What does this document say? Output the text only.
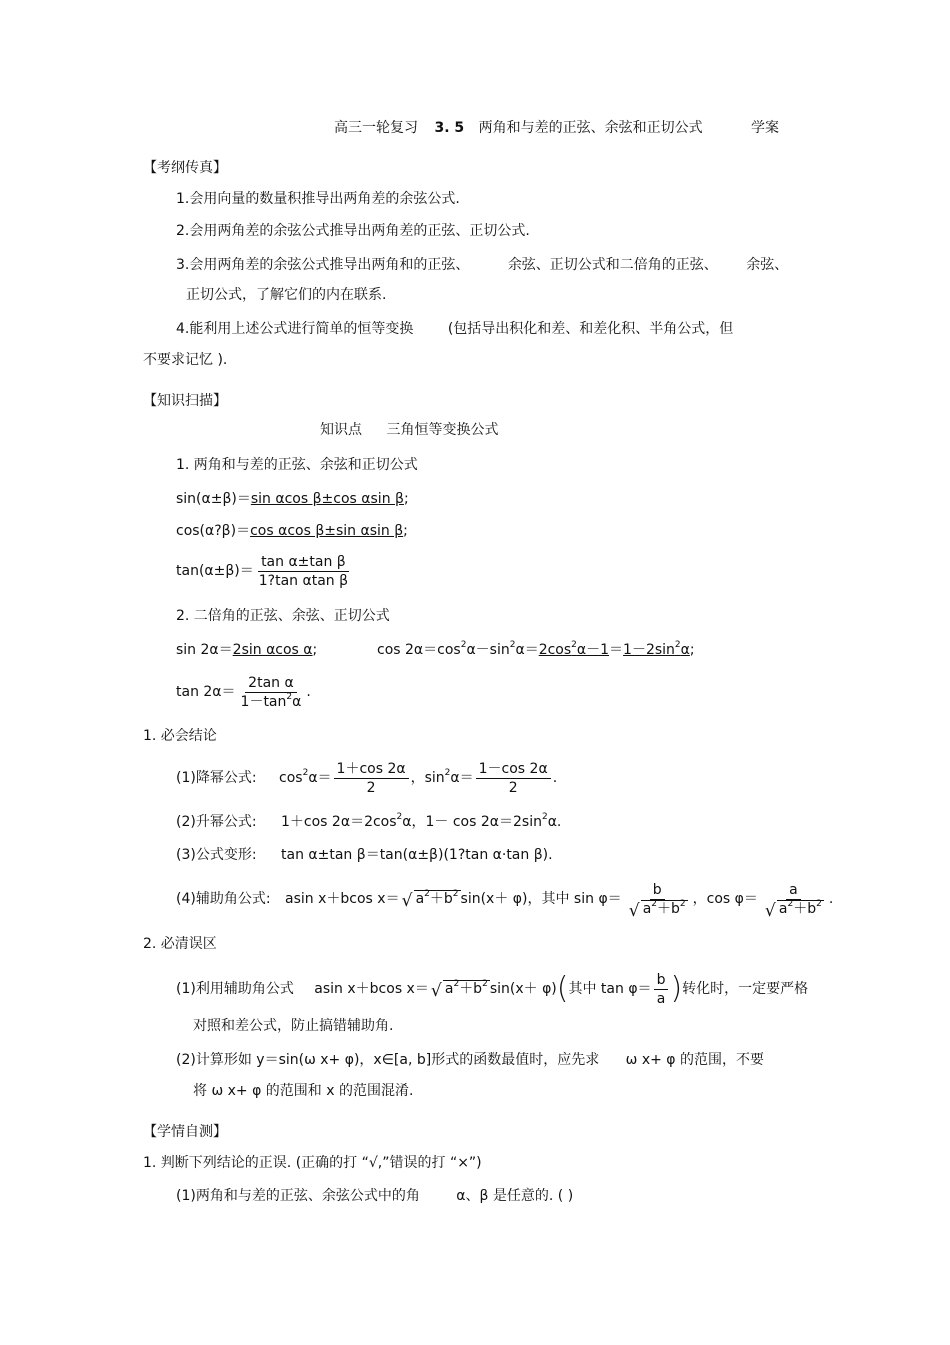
高三一轮复习 3. 5 两角和与差的正弦、余弦和正切公式	学案
【考纲传真】
1.会用向量的数量积推导出两角差的余弦公式.
2.会用两角差的余弦公式推导出两角差的正弦、正切公式.
3.会用两角差的余弦公式推导出两角和的正弦、	余弦、正切公式和二倍角的正弦、 余弦、
正切公式，了解它们的内在联系.
4.能利用上述公式进行简单的恒等变换 (包括导出积化和差、和差化积、半角公式，但
不要求记忆 ).
【知识扫描】
知识点 三角恒等变换公式
1. 两角和与差的正弦、余弦和正切公式
sin(α±β)＝sin αcos β±cos αsin β;
cos(α?β)＝cos αcos β±sin αsin β;
$\tan(\alpha\pm\beta)= \frac{\text{tan α±tan β}}{\text{1?tan αtan β}}$
2. 二倍角的正弦、余弦、正切公式
sin 2α＝2sin αcos α;	$\cos 2\alpha=\cos^2\alpha-\sin^2\alpha=2\cos^2\alpha-1=1-2\sin^2\alpha$;
$\tan 2\alpha= \frac{\text{2tan α}}{1-\tan^2\alpha}$ .
1. 必会结论
(1)降幂公式: $\cos^2\alpha= \frac{1+\cos 2\alpha}{2}$ ，$\sin^2\alpha= \frac{1-\cos 2\alpha}{2}$ .
(2)升幂公式: 1＋cos $2\alpha=2\cos^2\alpha$，$1- \cos 2\alpha=2\sin^2\alpha$.
(3)公式变形: tan α±tan β＝tan(α±β)(1?tan α·tan β).
(4)辅助角公式: asin x＋bcos x＝ √ $a^2+b^2$ sin(x＋ φ)，其中 $\sin \varphi= \frac{b}{√ a^2+b^2}$ ，$\cos \varphi= \frac{a}{√ a^2+b^2}$ .
2. 必清误区
(1)利用辅助角公式 asin x＋bcos x＝ √ $a^2+b^2$ sin(x＋ φ)(其中 $\tan \varphi= \frac{b}{a}$ )转化时，一定要严格
对照和差公式，防止搞错辅助角.
(2)计算形如 y＝sin(ω x+ φ)，x∈[a, b]形式的函数最值时，应先求 ω x+ φ 的范围，不要
将 ω x+ φ 的范围和 x 的范围混淆.
【学情自测】
1. 判断下列结论的正误. (正确的打 “√,”错误的打 “×”)
(1)两角和与差的正弦、余弦公式中的角	α、β 是任意的. ( )
